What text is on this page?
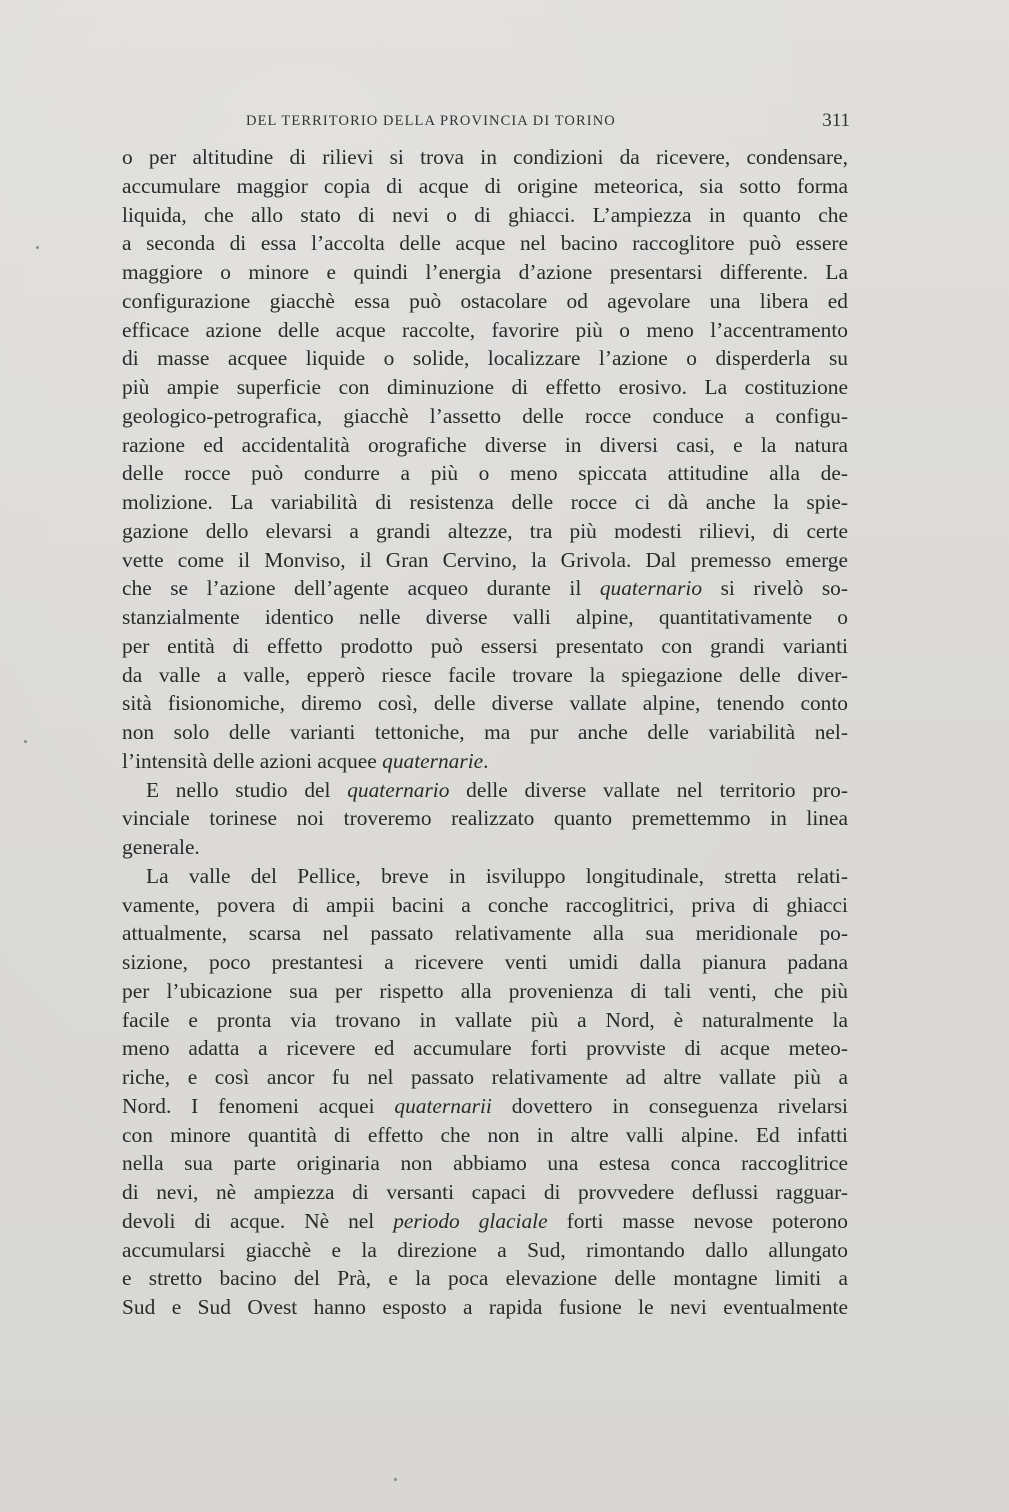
DEL TERRITORIO DELLA PROVINCIA DI TORINO	311
o per altitudine di rilievi si trova in condizioni da ricevere, condensare,
accumulare maggior copia di acque di origine meteorica, sia sotto forma
liquida, che allo stato di nevi o di ghiacci. L’ampiezza in quanto che
a seconda di essa l’accolta delle acque nel bacino raccoglitore può essere
maggiore o minore e quindi l’energia d’azione presentarsi differente. La
configurazione giacchè essa può ostacolare od agevolare una libera ed
efficace azione delle acque raccolte, favorire più o meno l’accentramento
di masse acquee liquide o solide, localizzare l’azione o disperderla su
più ampie superficie con diminuzione di effetto erosivo. La costituzione
geologico-petrografica, giacchè l’assetto delle rocce conduce a configu-
razione ed accidentalità orografiche diverse in diversi casi, e la natura
delle rocce può condurre a più o meno spiccata attitudine alla de-
molizione. La variabilità di resistenza delle rocce ci dà anche la spie-
gazione dello elevarsi a grandi altezze, tra più modesti rilievi, di certe
vette come il Monviso, il Gran Cervino, la Grivola. Dal premesso emerge
che se l’azione dell’agente acqueo durante il quaternario si rivelò so-
stanzialmente identico nelle diverse valli alpine, quantitativamente o
per entità di effetto prodotto può essersi presentato con grandi varianti
da valle a valle, epperò riesce facile trovare la spiegazione delle diver-
sità fisionomiche, diremo così, delle diverse vallate alpine, tenendo conto
non solo delle varianti tettoniche, ma pur anche delle variabilità nel-
l’intensità delle azioni acquee quaternarie.
E nello studio del quaternario delle diverse vallate nel territorio pro-
vinciale torinese noi troveremo realizzato quanto premettemmo in linea
generale.
La valle del Pellice, breve in isviluppo longitudinale, stretta relati-
vamente, povera di ampii bacini a conche raccoglitrici, priva di ghiacci
attualmente, scarsa nel passato relativamente alla sua meridionale po-
sizione, poco prestantesi a ricevere venti umidi dalla pianura padana
per l’ubicazione sua per rispetto alla provenienza di tali venti, che più
facile e pronta via trovano in vallate più a Nord, è naturalmente la
meno adatta a ricevere ed accumulare forti provviste di acque meteo-
riche, e così ancor fu nel passato relativamente ad altre vallate più a
Nord. I fenomeni acquei quaternarii dovettero in conseguenza rivelarsi
con minore quantità di effetto che non in altre valli alpine. Ed infatti
nella sua parte originaria non abbiamo una estesa conca raccoglitrice
di nevi, nè ampiezza di versanti capaci di provvedere deflussi ragguar-
devoli di acque. Nè nel periodo glaciale forti masse nevose poterono
accumularsi giacchè e la direzione a Sud, rimontando dallo allungato
e stretto bacino del Prà, e la poca elevazione delle montagne limiti a
Sud e Sud Ovest hanno esposto a rapida fusione le nevi eventualmente
